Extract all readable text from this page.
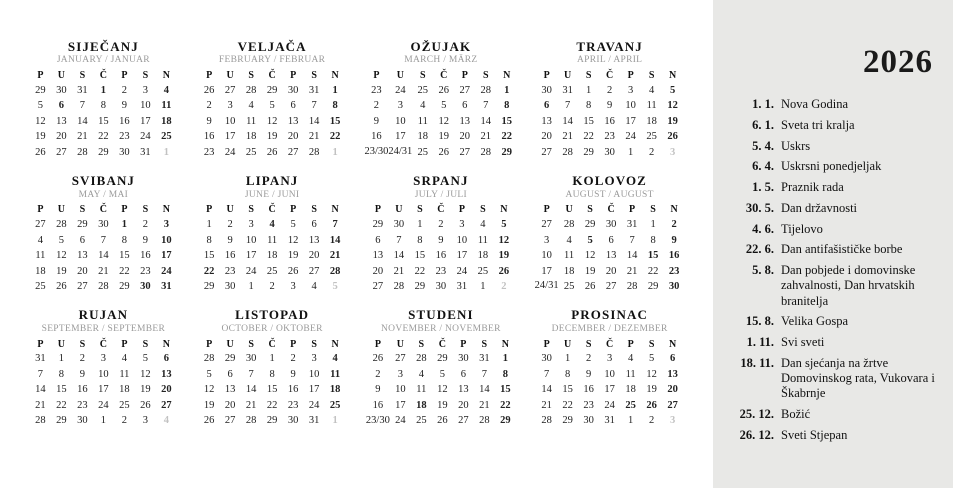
SIJEČANJ
JANUARY / JANUAR
P	U	S	Č	P	S	N
29	30	31	1	2	3	4
5	6	7	8	9	10	11
12	13	14	15	16	17	18
19	20	21	22	23	24	25
26	27	28	29	30	31	1
VELJAČA
FEBRUARY / FEBRUAR
P	U	S	Č	P	S	N
26	27	28	29	30	31	1
2	3	4	5	6	7	8
9	10	11	12	13	14	15
16	17	18	19	20	21	22
23	24	25	26	27	28	1
OŽUJAK
MARCH / MÄRZ
P	U	S	Č	P	S	N
23	24	25	26	27	28	1
2	3	4	5	6	7	8
9	10	11	12	13	14	15
16	17	18	19	20	21	22
23/30	24/31	25	26	27	28	29
TRAVANJ
APRIL / APRIL
P	U	S	Č	P	S	N
30	31	1	2	3	4	5
6	7	8	9	10	11	12
13	14	15	16	17	18	19
20	21	22	23	24	25	26
27	28	29	30	1	2	3
SVIBANJ
MAY / MAI
P	U	S	Č	P	S	N
27	28	29	30	1	2	3
4	5	6	7	8	9	10
11	12	13	14	15	16	17
18	19	20	21	22	23	24
25	26	27	28	29	30	31
LIPANJ
JUNE / JUNI
P	U	S	Č	P	S	N
1	2	3	4	5	6	7
8	9	10	11	12	13	14
15	16	17	18	19	20	21
22	23	24	25	26	27	28
29	30	1	2	3	4	5
SRPANJ
JULY / JULI
P	U	S	Č	P	S	N
29	30	1	2	3	4	5
6	7	8	9	10	11	12
13	14	15	16	17	18	19
20	21	22	23	24	25	26
27	28	29	30	31	1	2
KOLOVOZ
AUGUST / AUGUST
P	U	S	Č	P	S	N
27	28	29	30	31	1	2
3	4	5	6	7	8	9
10	11	12	13	14	15	16
17	18	19	20	21	22	23
24/31	25	26	27	28	29	30
RUJAN
SEPTEMBER / SEPTEMBER
P	U	S	Č	P	S	N
31	1	2	3	4	5	6
7	8	9	10	11	12	13
14	15	16	17	18	19	20
21	22	23	24	25	26	27
28	29	30	1	2	3	4
LISTOPAD
OCTOBER / OKTOBER
P	U	S	Č	P	S	N
28	29	30	1	2	3	4
5	6	7	8	9	10	11
12	13	14	15	16	17	18
19	20	21	22	23	24	25
26	27	28	29	30	31	1
STUDENI
NOVEMBER / NOVEMBER
P	U	S	Č	P	S	N
26	27	28	29	30	31	1
2	3	4	5	6	7	8
9	10	11	12	13	14	15
16	17	18	19	20	21	22
23/30	24	25	26	27	28	29
PROSINAC
DECEMBER / DEZEMBER
P	U	S	Č	P	S	N
30	1	2	3	4	5	6
7	8	9	10	11	12	13
14	15	16	17	18	19	20
21	22	23	24	25	26	27
28	29	30	31	1	2	3
2026
1. 1. Nova Godina
6. 1. Sveta tri kralja
5. 4. Uskrs
6. 4. Uskrsni ponedjeljak
1. 5. Praznik rada
30. 5. Dan državnosti
4. 6. Tijelovo
22. 6. Dan antifašističke borbe
5. 8. Dan pobjede i domovinske zahvalnosti, Dan hrvatskih branitelja
15. 8. Velika Gospa
1. 11. Svi sveti
18. 11. Dan sjećanja na žrtve Domovinskog rata, Vukovara i Škabrnje
25. 12. Božić
26. 12. Sveti Stjepan
